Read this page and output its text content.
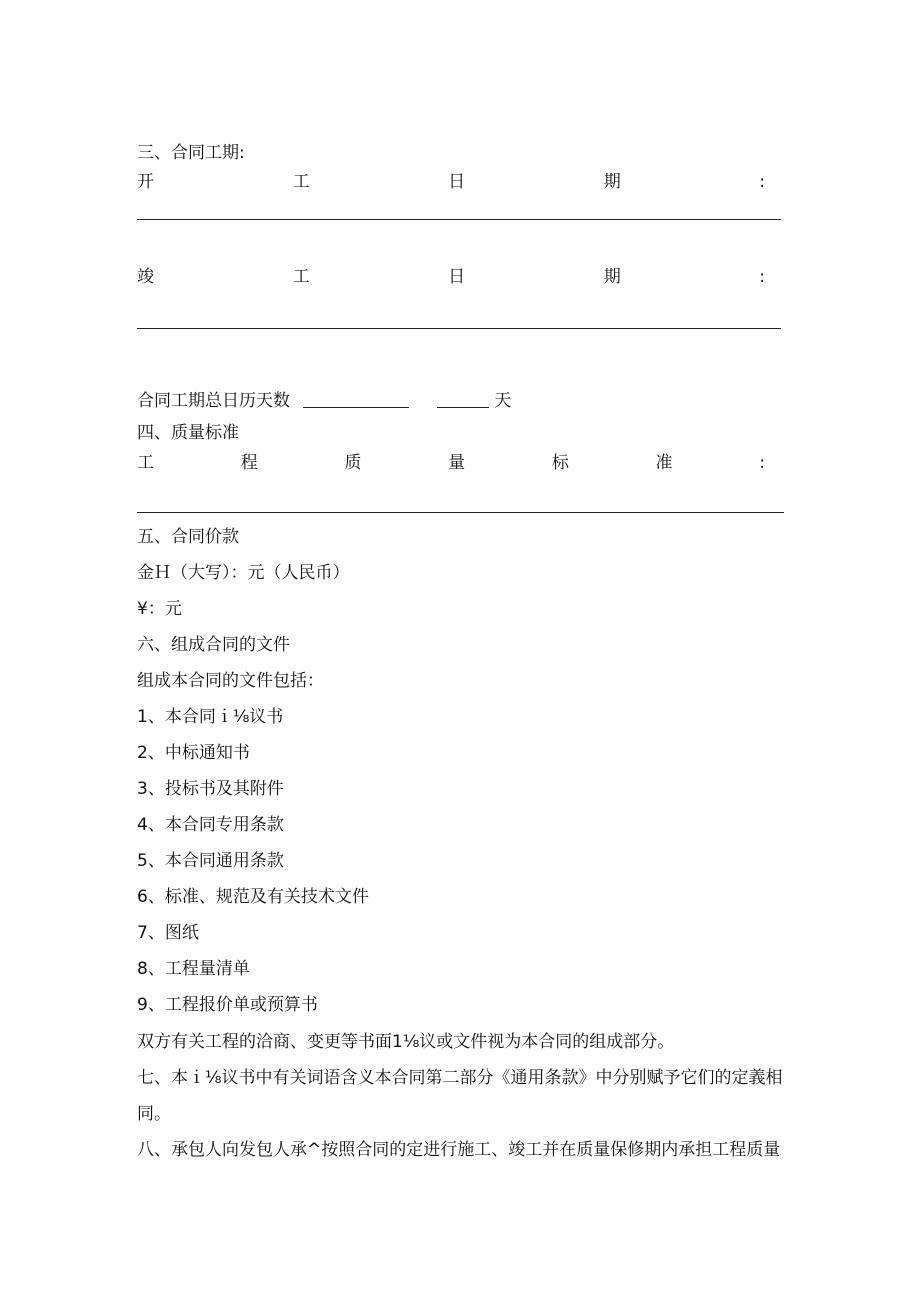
三、合同工期:
开	工	日	期	:
竣	工	日	期	:
合同工期总日历天数	天
四、质量标准
工	程	质	量	标	准	:
五、合同价款
金Ｈ（大写）：元（人民币）
¥：元
六、组成合同的文件
组成本合同的文件包括：
1、本合同ｉ⅛议书
2、中标通知书
3、投标书及其附件
4、本合同专用条款
5、本合同通用条款
6、标准、规范及有关技术文件
7、图纸
8、工程量清单
9、工程报价单或预算书
双方有关工程的洽商、变更等书面1⅛议或文件视为本合同的组成部分。
七、本ｉ⅛议书中有关词语含义本合同第二部分《通用条款》中分别赋予它们的定義相
同。
八、承包人向发包人承^按照合同的定进行施工、竣工并在质量保修期内承担工程质量
